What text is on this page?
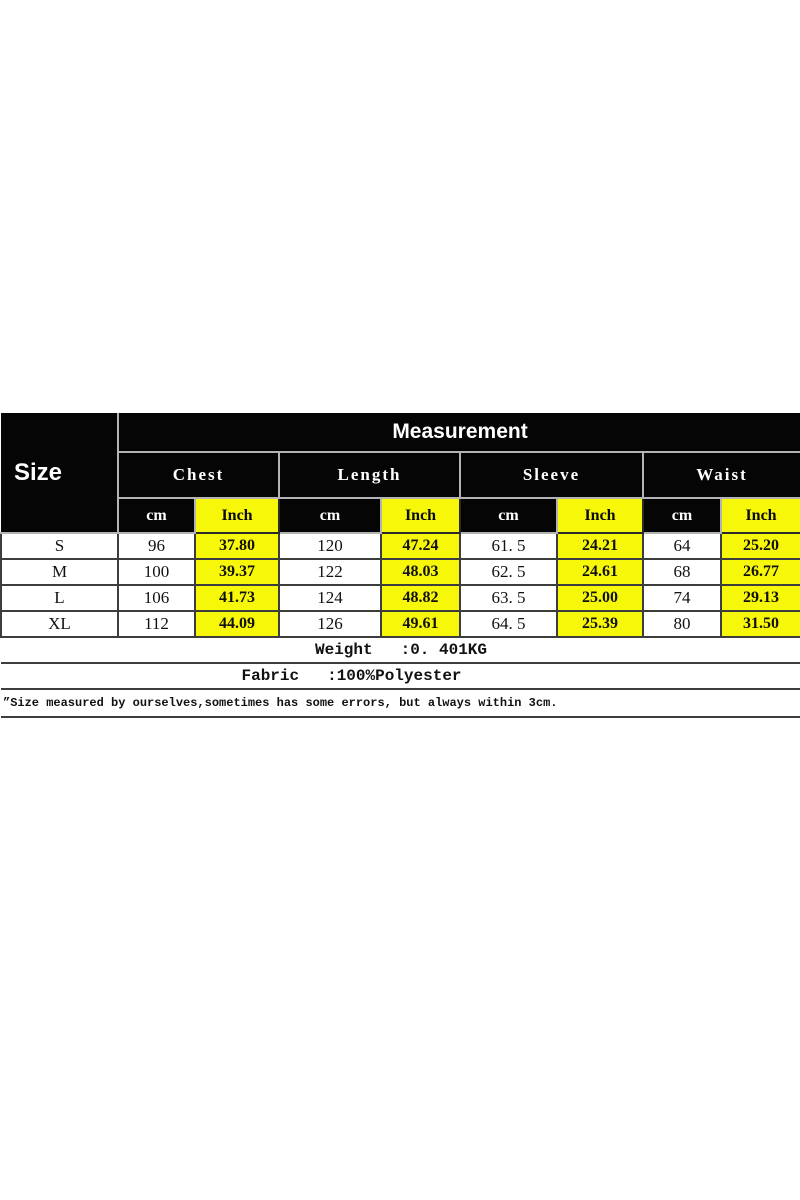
Size	Measurement							
	Chest		Length		Sleeve		Waist	
	cm	Inch	cm	Inch	cm	Inch	cm	Inch
S	96	37.80	120	47.24	61. 5	24.21	64	25.20
M	100	39.37	122	48.03	62. 5	24.61	68	26.77
L	106	41.73	124	48.82	63. 5	25.00	74	29.13
XL	112	44.09	126	49.61	64. 5	25.39	80	31.50
Weight :0. 401KG								
Fabric :100%Polyester								
”Size measured by ourselves,sometimes has some errors, but always within 3cm.								
